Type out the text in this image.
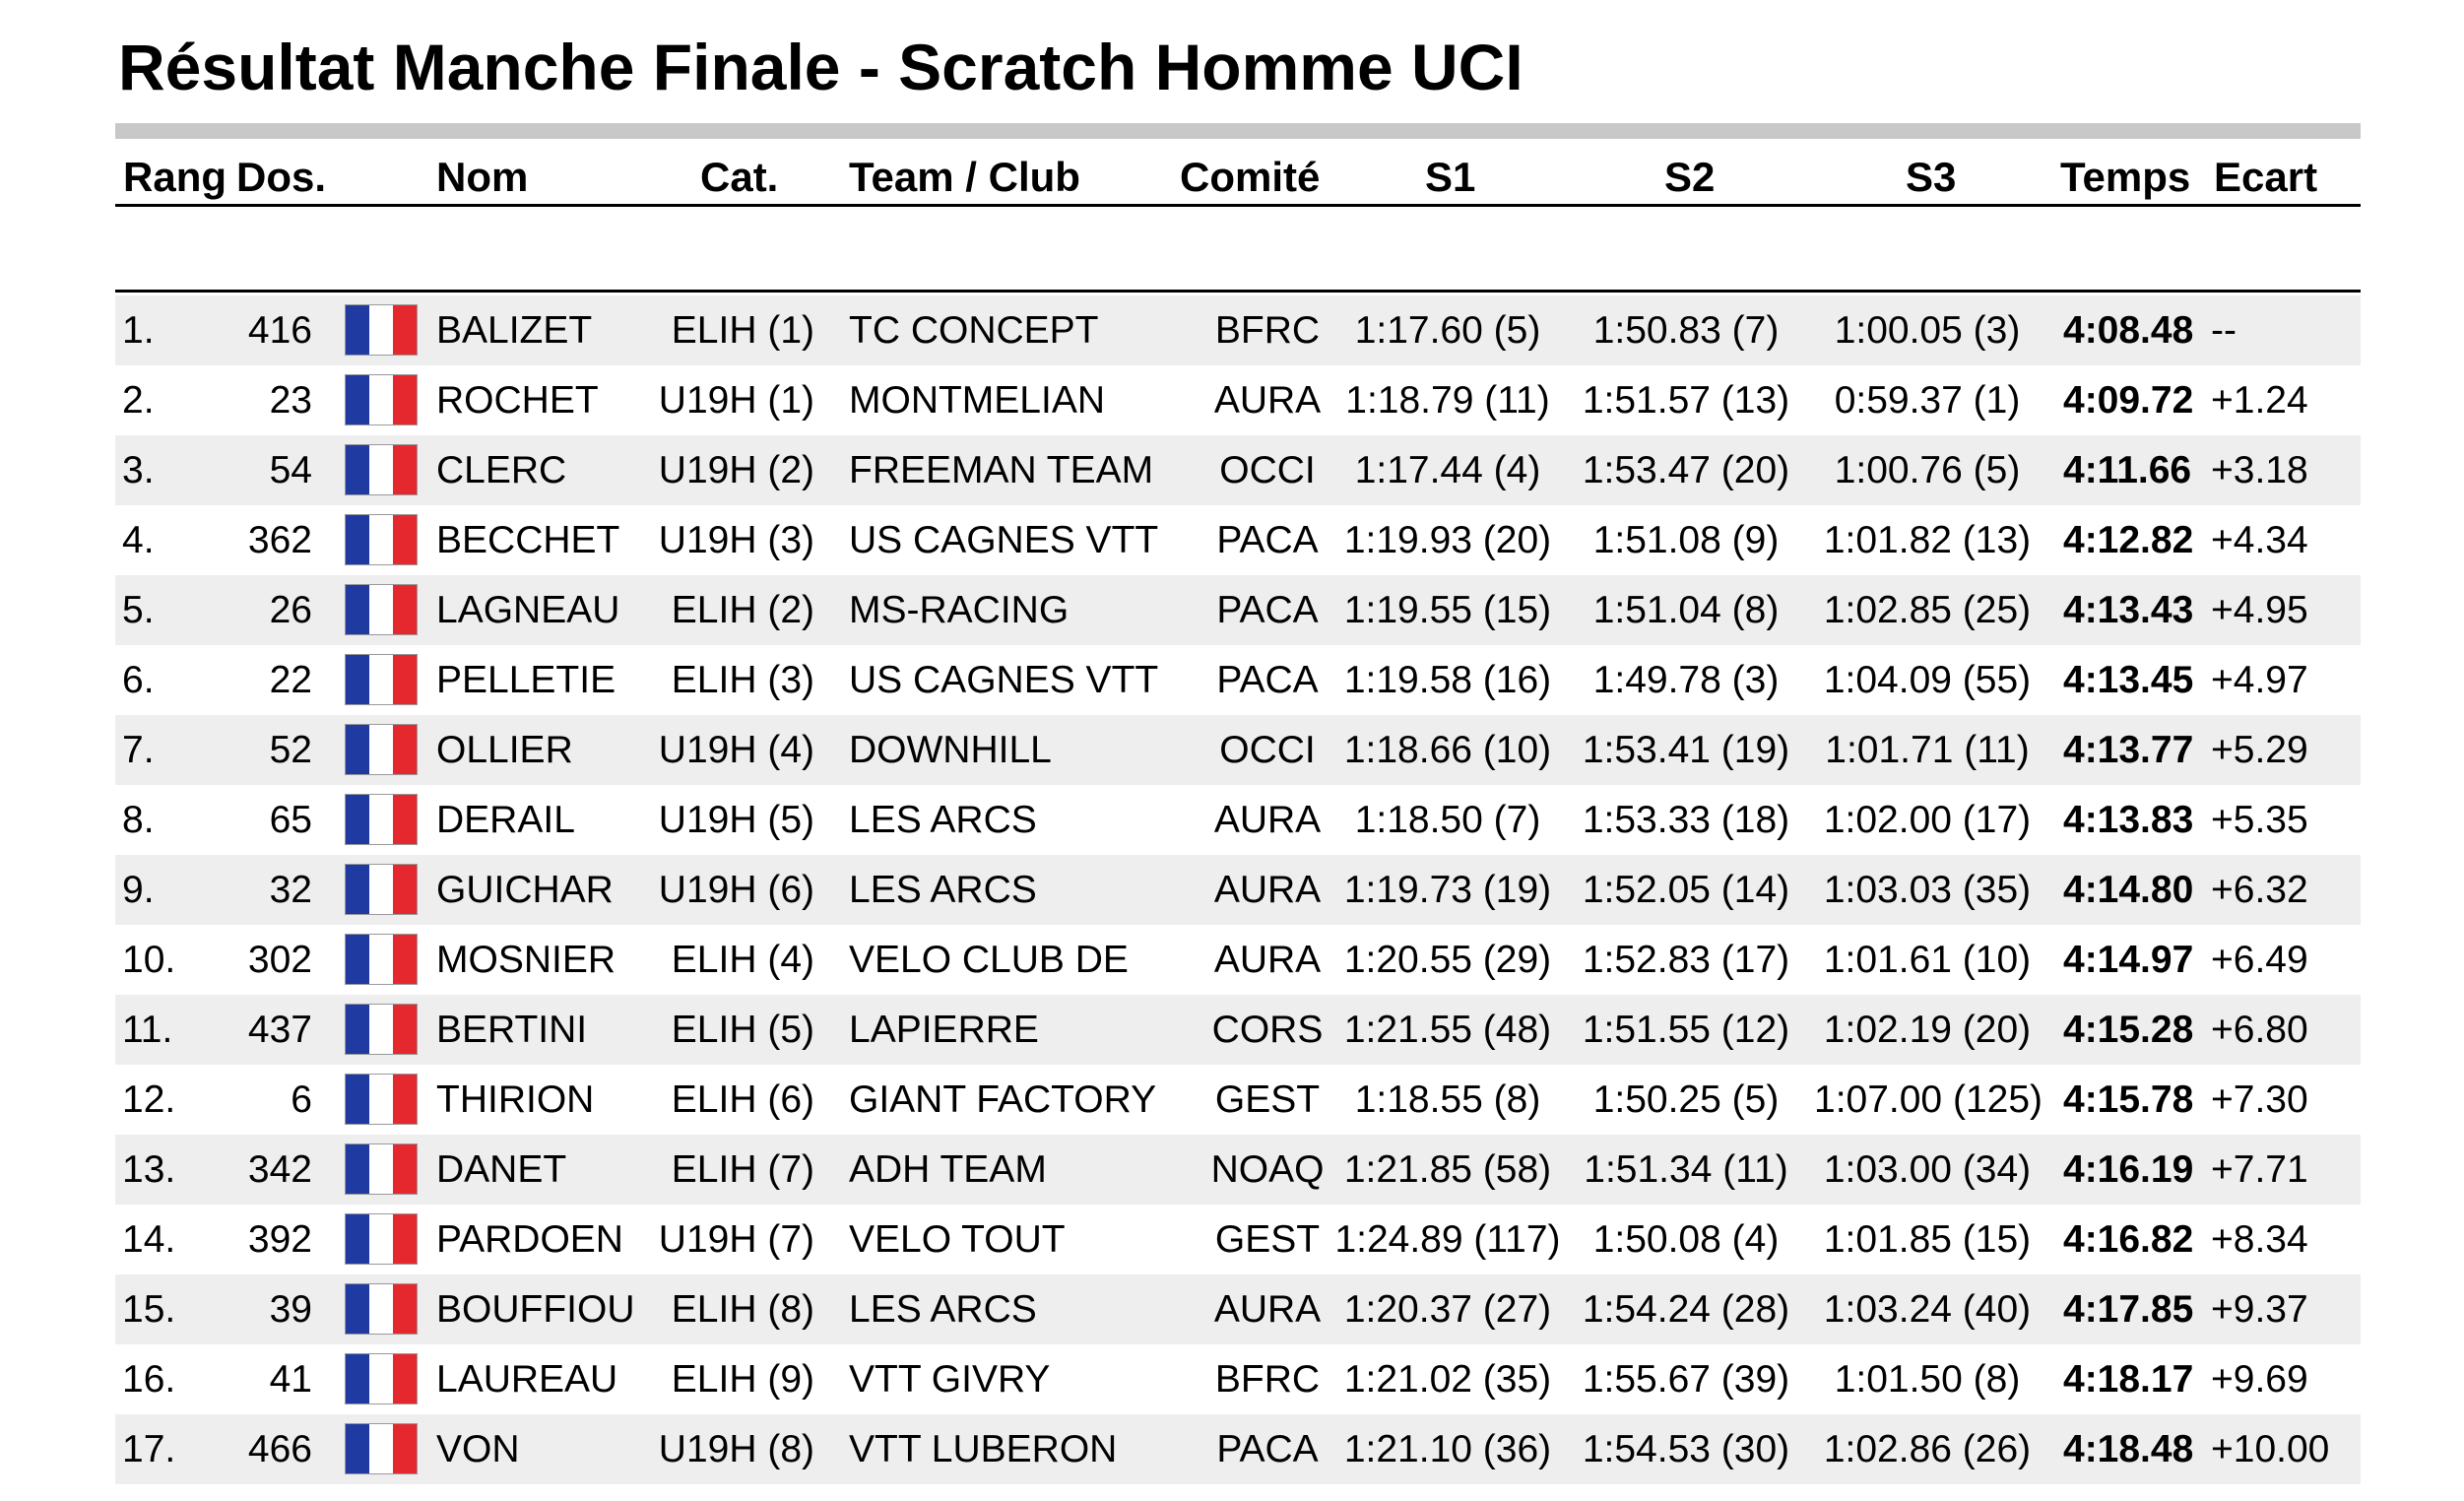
Résultat Manche Finale - Scratch Homme UCI
Rang Dos.	Nom	Cat. Team / Club Comité	S1	S2	S3	Temps Ecart
1.	416	BALIZET	ELIH (1) TC CONCEPT	BFRC 1:17.60 (5)	1:50.83 (7)	1:00.05 (3)	4:08.48 --
2.	23	ROCHET	U19H (1) MONTMELIAN	AURA 1:18.79 (11) 1:51.57 (13)	0:59.37 (1)	4:09.72 +1.24
3.	54	CLERC	U19H (2) FREEMAN TEAM	OCCI	1:17.44 (4)	1:53.47 (20)	1:00.76 (5)	4:11.66 +3.18
4.	362	BECCHET	U19H (3) US CAGNES VTT	PACA 1:19.93 (20)	1:51.08 (9)	1:01.82 (13) 4:12.82 +4.34
5.	26	LAGNEAU	ELIH (2) MS-RACING	PACA 1:19.55 (15)	1:51.04 (8)	1:02.85 (25) 4:13.43 +4.95
6.	22	PELLETIE	ELIH (3) US CAGNES VTT	PACA 1:19.58 (16)	1:49.78 (3)	1:04.09 (55) 4:13.45 +4.97
7.	52	OLLIER	U19H (4) DOWNHILL	OCCI 1:18.66 (10) 1:53.41 (19) 1:01.71 (11) 4:13.77 +5.29
8.	65	DERAIL	U19H (5) LES ARCS	AURA 1:18.50 (7)	1:53.33 (18) 1:02.00 (17) 4:13.83 +5.35
9.	32	GUICHAR	U19H (6) LES ARCS	AURA 1:19.73 (19) 1:52.05 (14) 1:03.03 (35) 4:14.80 +6.32
10.	302	MOSNIER	ELIH (4) VELO CLUB DE	AURA 1:20.55 (29) 1:52.83 (17) 1:01.61 (10) 4:14.97 +6.49
11.	437	BERTINI	ELIH (5) LAPIERRE	CORS 1:21.55 (48) 1:51.55 (12) 1:02.19 (20) 4:15.28 +6.80
12.	6	THIRION	ELIH (6) GIANT FACTORY	GEST 1:18.55 (8)	1:50.25 (5) 1:07.00 (125) 4:15.78 +7.30
13.	342	DANET	ELIH (7) ADH TEAM	NOAQ 1:21.85 (58) 1:51.34 (11) 1:03.00 (34) 4:16.19 +7.71
14.	392	PARDOEN U19H (7) VELO TOUT	GEST 1:24.89 (117) 1:50.08 (4)	1:01.85 (15) 4:16.82 +8.34
15.	39	BOUFFIOU ELIH (8) LES ARCS	AURA 1:20.37 (27) 1:54.24 (28) 1:03.24 (40) 4:17.85 +9.37
16.	41	LAUREAU	ELIH (9) VTT GIVRY	BFRC 1:21.02 (35) 1:55.67 (39)	1:01.50 (8)	4:18.17 +9.69
17.	466	VON	U19H (8) VTT LUBERON	PACA 1:21.10 (36) 1:54.53 (30) 1:02.86 (26) 4:18.48 +10.00
